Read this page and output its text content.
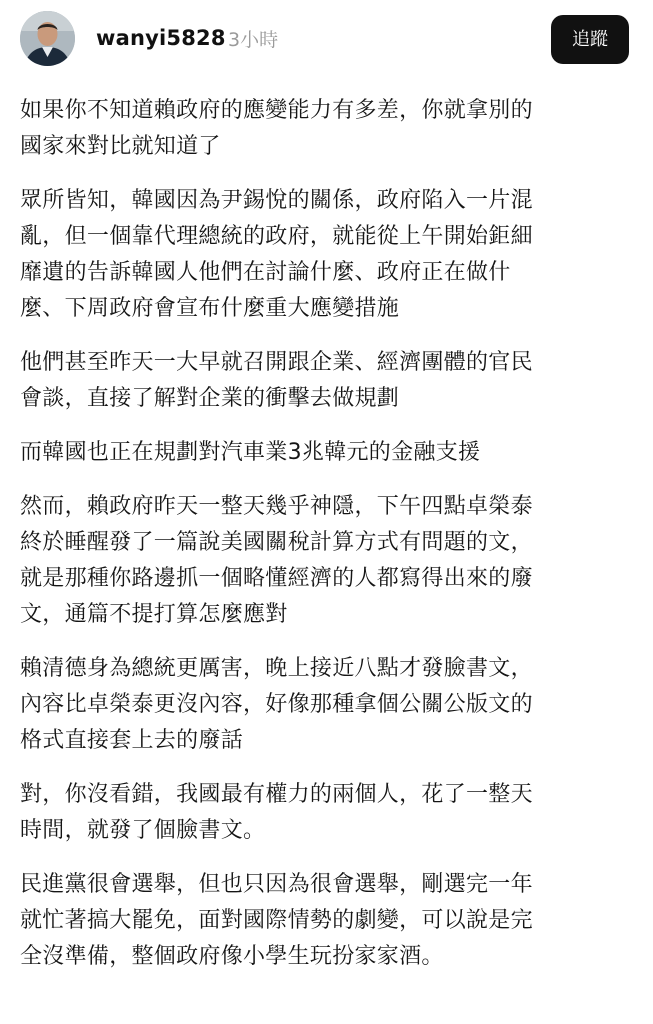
wanyi5828 3小時	追蹤
如果你不知道賴政府的應變能力有多差，你就拿別的
國家來對比就知道了
眾所皆知，韓國因為尹錫悅的關係，政府陷入一片混
亂，但一個靠代理總統的政府，就能從上午開始鉅細
靡遺的告訴韓國人他們在討論什麼、政府正在做什
麼、下周政府會宣布什麼重大應變措施
他們甚至昨天一大早就召開跟企業、經濟團體的官民
會談，直接了解對企業的衝擊去做規劃
而韓國也正在規劃對汽車業3兆韓元的金融支援
然而，賴政府昨天一整天幾乎神隱，下午四點卓榮泰
終於睡醒發了一篇說美國關稅計算方式有問題的文，
就是那種你路邊抓一個略懂經濟的人都寫得出來的廢
文，通篇不提打算怎麼應對
賴清德身為總統更厲害，晚上接近八點才發臉書文，
內容比卓榮泰更沒內容，好像那種拿個公關公版文的
格式直接套上去的廢話
對，你沒看錯，我國最有權力的兩個人，花了一整天
時間，就發了個臉書文。
民進黨很會選舉，但也只因為很會選舉，剛選完一年
就忙著搞大罷免，面對國際情勢的劇變，可以說是完
全沒準備，整個政府像小學生玩扮家家酒。
